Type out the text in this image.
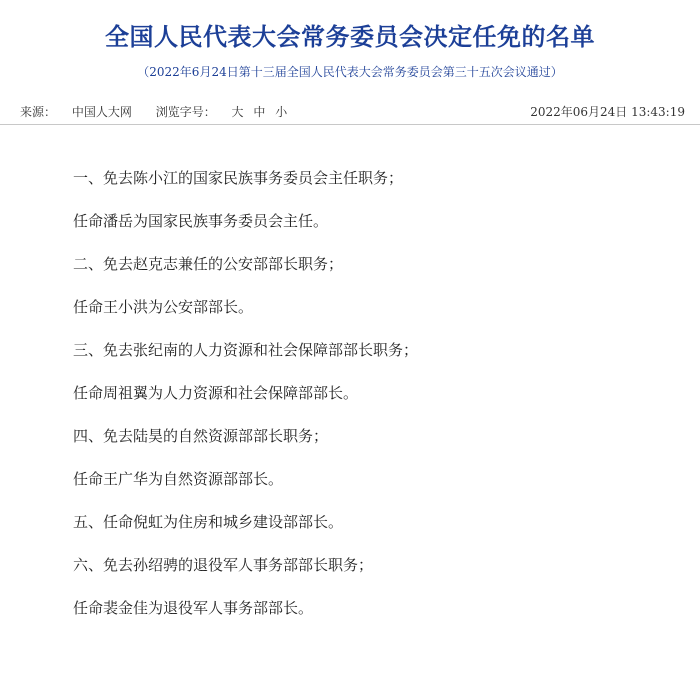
全国人民代表大会常务委员会决定任免的名单
（2022年6月24日第十三届全国人民代表大会常务委员会第三十五次会议通过）
来源： 中国人大网 浏览字号： 大 中 小	2022年06月24日 13:43:19

一、免去陈小江的国家民族事务委员会主任职务；

任命潘岳为国家民族事务委员会主任。

二、免去赵克志兼任的公安部部长职务；

任命王小洪为公安部部长。

三、免去张纪南的人力资源和社会保障部部长职务；

任命周祖翼为人力资源和社会保障部部长。

四、免去陆昊的自然资源部部长职务；

任命王广华为自然资源部部长。

五、任命倪虹为住房和城乡建设部部长。

六、免去孙绍骋的退役军人事务部部长职务；

任命裴金佳为退役军人事务部部长。
